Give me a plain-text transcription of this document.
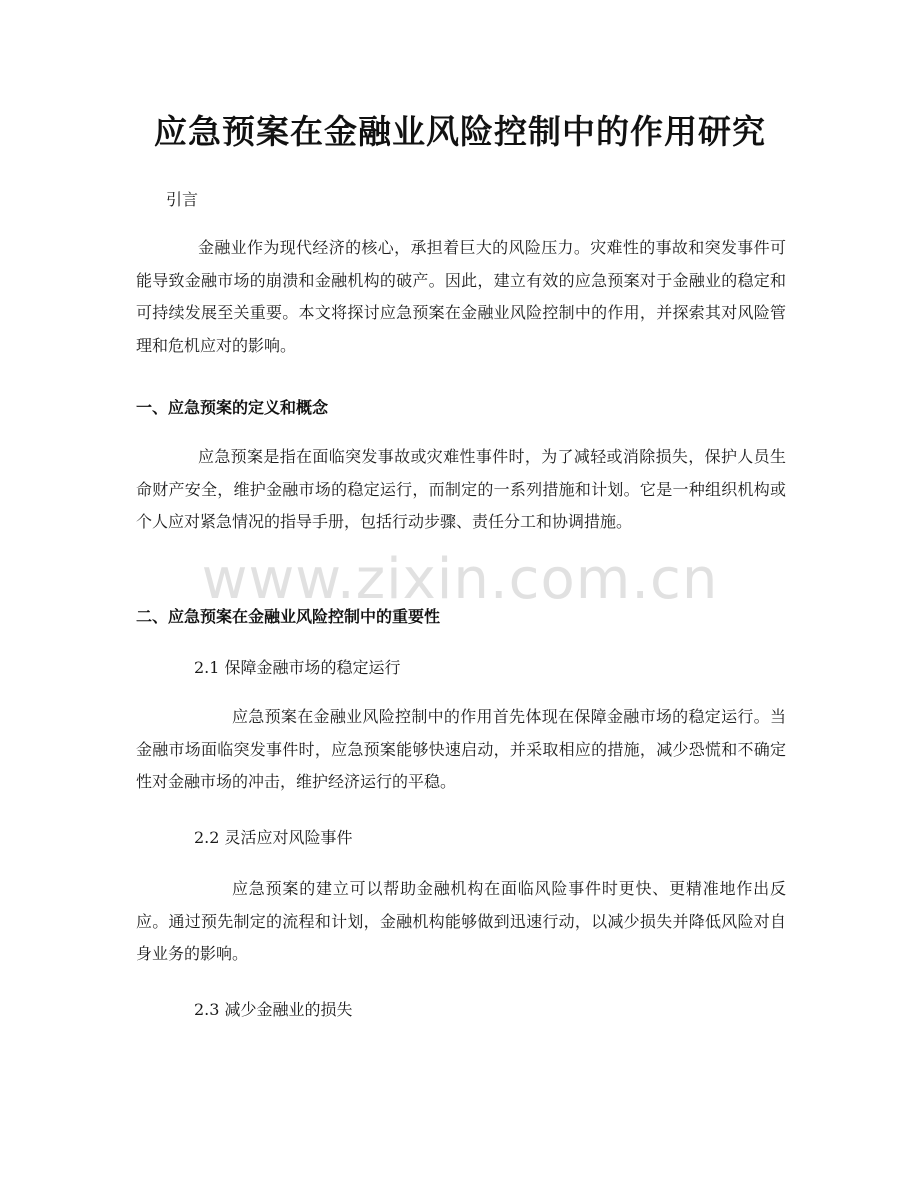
应急预案在金融业风险控制中的作用研究
引言

金融业作为现代经济的核心，承担着巨大的风险压力。灾难性的事故和突发事件可能导致金融市场的崩溃和金融机构的破产。因此，建立有效的应急预案对于金融业的稳定和可持续发展至关重要。本文将探讨应急预案在金融业风险控制中的作用，并探索其对风险管理和危机应对的影响。

一、应急预案的定义和概念

应急预案是指在面临突发事故或灾难性事件时，为了减轻或消除损失，保护人员生命财产安全，维护金融市场的稳定运行，而制定的一系列措施和计划。它是一种组织机构或个人应对紧急情况的指导手册，包括行动步骤、责任分工和协调措施。

www.zixin.com.cn
二、应急预案在金融业风险控制中的重要性
2.1 保障金融市场的稳定运行

应急预案在金融业风险控制中的作用首先体现在保障金融市场的稳定运行。当金融市场面临突发事件时，应急预案能够快速启动，并采取相应的措施，减少恐慌和不确定性对金融市场的冲击，维护经济运行的平稳。

2.2 灵活应对风险事件

应急预案的建立可以帮助金融机构在面临风险事件时更快、更精准地作出反应。通过预先制定的流程和计划，金融机构能够做到迅速行动，以减少损失并降低风险对自身业务的影响。

2.3 减少金融业的损失
